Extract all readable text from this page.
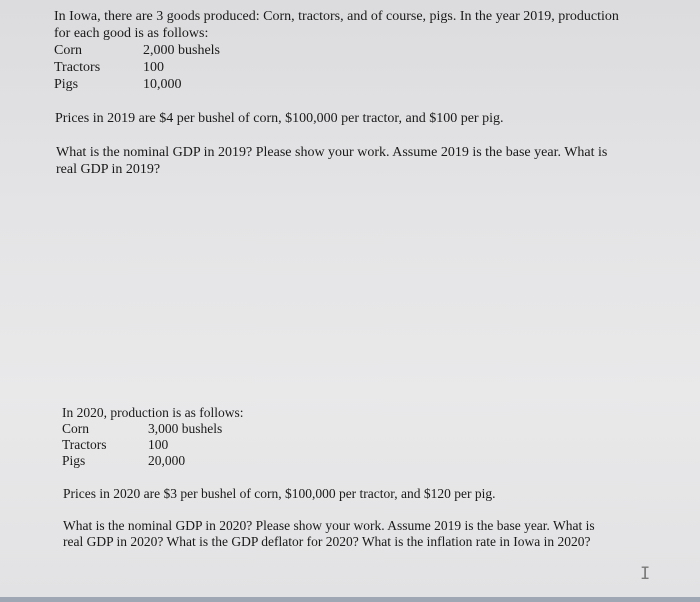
In Iowa, there are 3 goods produced: Corn, tractors, and of course, pigs. In the year 2019, production
for each good is as follows:
Corn	2,000 bushels
Tractors	100
Pigs	10,000
Prices in 2019 are $4 per bushel of corn, $100,000 per tractor, and $100 per pig.
What is the nominal GDP in 2019? Please show your work. Assume 2019 is the base year. What is
real GDP in 2019?
In 2020, production is as follows:
Corn	3,000 bushels
Tractors	100
Pigs	20,000
Prices in 2020 are $3 per bushel of corn, $100,000 per tractor, and $120 per pig.
What is the nominal GDP in 2020? Please show your work. Assume 2019 is the base year. What is
real GDP in 2020? What is the GDP deflator for 2020? What is the inflation rate in Iowa in 2020?
I
